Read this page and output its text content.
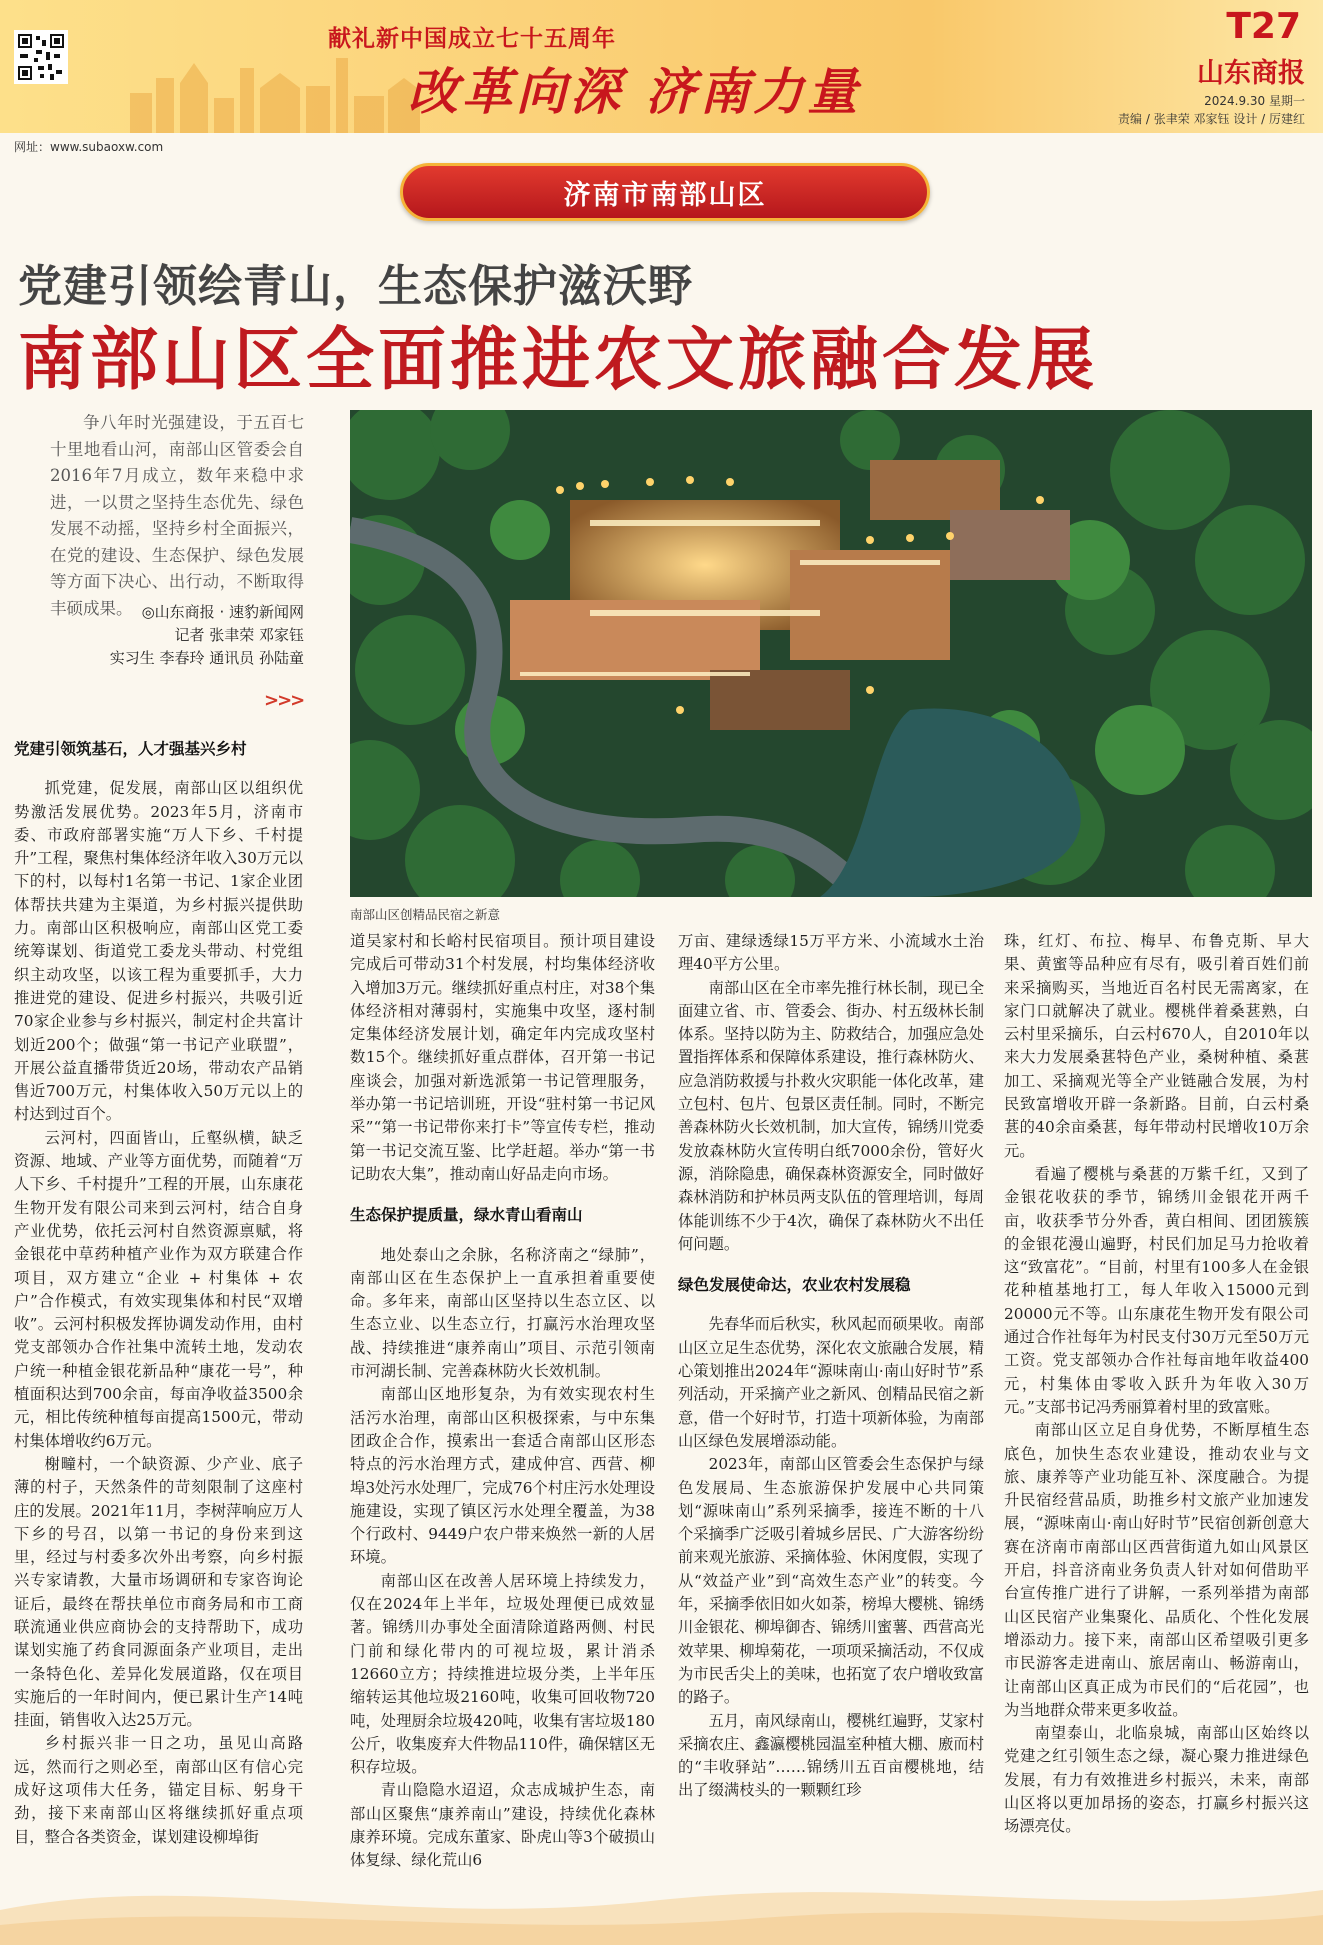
献礼新中国成立七十五周年
改革向深 济南力量
T27
山东商报
2024.9.30 星期一
责编 / 张聿荣 邓家钰 设计 / 厉建红
网址：www.subaoxw.com
济南市南部山区
党建引领绘青山，生态保护滋沃野
南部山区全面推进农文旅融合发展

争八年时光强建设，于五百七十里地看山河，南部山区管委会自2016年7月成立，数年来稳中求进，一以贯之坚持生态优先、绿色发展不动摇，坚持乡村全面振兴，在党的建设、生态保护、绿色发展等方面下决心、出行动，不断取得丰硕成果。 ◎山东商报 · 速豹新闻网
记者 张聿荣 邓家钰
实习生 李春玲 通讯员 孙陆童
>>>
南部山区创精品民宿之新意
党建引领筑基石，人才强基兴乡村

抓党建，促发展，南部山区以组织优势激活发展优势。2023年5月，济南市委、市政府部署实施“万人下乡、千村提升”工程，聚焦村集体经济年收入30万元以下的村，以每村1名第一书记、1家企业团体帮扶共建为主渠道，为乡村振兴提供助力。南部山区积极响应，南部山区党工委统筹谋划、街道党工委龙头带动、村党组织主动攻坚，以该工程为重要抓手，大力推进党的建设、促进乡村振兴，共吸引近70家企业参与乡村振兴，制定村企共富计划近200个；做强“第一书记产业联盟”，开展公益直播带货近20场，带动农产品销售近700万元，村集体收入50万元以上的村达到过百个。

云河村，四面皆山，丘壑纵横，缺乏资源、地域、产业等方面优势，而随着“万人下乡、千村提升”工程的开展，山东康花生物开发有限公司来到云河村，结合自身产业优势，依托云河村自然资源禀赋，将金银花中草药种植产业作为双方联建合作项目，双方建立“企业 + 村集体 + 农户”合作模式，有效实现集体和村民“双增收”。云河村积极发挥协调发动作用，由村党支部领办合作社集中流转土地，发动农户统一种植金银花新品种“康花一号”，种植面积达到700余亩，每亩净收益3500余元，相比传统种植每亩提高1500元，带动村集体增收约6万元。

榭疃村，一个缺资源、少产业、底子薄的村子，天然条件的苛刻限制了这座村庄的发展。2021年11月，李树萍响应万人下乡的号召，以第一书记的身份来到这里，经过与村委多次外出考察，向乡村振兴专家请教，大量市场调研和专家咨询论证后，最终在帮扶单位市商务局和市工商联流通业供应商协会的支持帮助下，成功谋划实施了药食同源面条产业项目，走出一条特色化、差异化发展道路，仅在项目实施后的一年时间内，便已累计生产14吨挂面，销售收入达25万元。

乡村振兴非一日之功，虽见山高路远，然而行之则必至，南部山区有信心完成好这项伟大任务，锚定目标、躬身干劲，接下来南部山区将继续抓好重点项目，整合各类资金，谋划建设柳埠街

道吴家村和长峪村民宿项目。预计项目建设完成后可带动31个村发展，村均集体经济收入增加3万元。继续抓好重点村庄，对38个集体经济相对薄弱村，实施集中攻坚，逐村制定集体经济发展计划，确定年内完成攻坚村数15个。继续抓好重点群体，召开第一书记座谈会，加强对新选派第一书记管理服务，举办第一书记培训班，开设“驻村第一书记风采”“第一书记带你来打卡”等宣传专栏，推动第一书记交流互鉴、比学赶超。举办“第一书记助农大集”，推动南山好品走向市场。

生态保护提质量，绿水青山看南山

地处泰山之余脉，名称济南之“绿肺”，南部山区在生态保护上一直承担着重要使命。多年来，南部山区坚持以生态立区、以生态立业、以生态立行，打赢污水治理攻坚战、持续推进“康养南山”项目、示范引领南市河湖长制、完善森林防火长效机制。

南部山区地形复杂，为有效实现农村生活污水治理，南部山区积极探索，与中东集团政企合作，摸索出一套适合南部山区形态特点的污水治理方式，建成仲宫、西营、柳埠3处污水处理厂，完成76个村庄污水处理设施建设，实现了镇区污水处理全覆盖，为38个行政村、9449户农户带来焕然一新的人居环境。

南部山区在改善人居环境上持续发力，仅在2024年上半年，垃圾处理便已成效显著。锦绣川办事处全面清除道路两侧、村民门前和绿化带内的可视垃圾，累计消杀12660立方；持续推进垃圾分类，上半年压缩转运其他垃圾2160吨，收集可回收物720吨，处理厨余垃圾420吨，收集有害垃圾180公斤，收集废弃大件物品110件，确保辖区无积存垃圾。

青山隐隐水迢迢，众志成城护生态，南部山区聚焦“康养南山”建设，持续优化森林康养环境。完成东董家、卧虎山等3个破损山体复绿、绿化荒山6

万亩、建绿透绿15万平方米、小流域水土治理40平方公里。

南部山区在全市率先推行林长制，现已全面建立省、市、管委会、街办、村五级林长制体系。坚持以防为主、防救结合，加强应急处置指挥体系和保障体系建设，推行森林防火、应急消防救援与扑救火灾职能一体化改革，建立包村、包片、包景区责任制。同时，不断完善森林防火长效机制，加大宣传，锦绣川党委发放森林防火宣传明白纸7000余份，管好火源，消除隐患，确保森林资源安全，同时做好森林消防和护林员两支队伍的管理培训，每周体能训练不少于4次，确保了森林防火不出任何问题。

绿色发展使命达，农业农村发展稳

先春华而后秋实，秋风起而硕果收。南部山区立足生态优势，深化农文旅融合发展，精心策划推出2024年“源味南山·南山好时节”系列活动，开采摘产业之新风、创精品民宿之新意，借一个好时节，打造十项新体验，为南部山区绿色发展增添动能。

2023年，南部山区管委会生态保护与绿色发展局、生态旅游保护发展中心共同策划“源味南山”系列采摘季，接连不断的十八个采摘季广泛吸引着城乡居民、广大游客纷纷前来观光旅游、采摘体验、休闲度假，实现了从“效益产业”到“高效生态产业”的转变。今年，采摘季依旧如火如荼，榜埠大樱桃、锦绣川金银花、柳埠御杏、锦绣川蜜薯、西营高光效苹果、柳埠菊花，一项项采摘活动，不仅成为市民舌尖上的美味，也拓宽了农户增收致富的路子。

五月，南风绿南山，樱桃红遍野，艾家村采摘农庄、鑫瀛樱桃园温室种植大棚、廒而村的“丰收驿站”……锦绣川五百亩樱桃地，结出了缀满枝头的一颗颗红珍

珠，红灯、布拉、梅早、布鲁克斯、早大果、黄蜜等品种应有尽有，吸引着百姓们前来采摘购买，当地近百名村民无需离家，在家门口就解决了就业。樱桃伴着桑葚熟，白云村里采摘乐，白云村670人，自2010年以来大力发展桑葚特色产业，桑树种植、桑葚加工、采摘观光等全产业链融合发展，为村民致富增收开辟一条新路。目前，白云村桑葚的40余亩桑葚，每年带动村民增收10万余元。

看遍了樱桃与桑葚的万紫千红，又到了金银花收获的季节，锦绣川金银花开两千亩，收获季节分外香，黄白相间、团团簇簇的金银花漫山遍野，村民们加足马力抢收着这“致富花”。“目前，村里有100多人在金银花种植基地打工，每人年收入15000元到20000元不等。山东康花生物开发有限公司通过合作社每年为村民支付30万元至50万元工资。党支部领办合作社每亩地年收益400元，村集体由零收入跃升为年收入30万元。”支部书记冯秀丽算着村里的致富账。

南部山区立足自身优势，不断厚植生态底色，加快生态农业建设，推动农业与文旅、康养等产业功能互补、深度融合。为提升民宿经营品质，助推乡村文旅产业加速发展，“源味南山·南山好时节”民宿创新创意大赛在济南市南部山区西营街道九如山风景区开启，抖音济南业务负责人针对如何借助平台宣传推广进行了讲解，一系列举措为南部山区民宿产业集聚化、品质化、个性化发展增添动力。接下来，南部山区希望吸引更多市民游客走进南山、旅居南山、畅游南山，让南部山区真正成为市民们的“后花园”，也为当地群众带来更多收益。

南望泰山，北临泉城，南部山区始终以党建之红引领生态之绿，凝心聚力推进绿色发展，有力有效推进乡村振兴，未来，南部山区将以更加昂扬的姿态，打赢乡村振兴这场漂亮仗。
